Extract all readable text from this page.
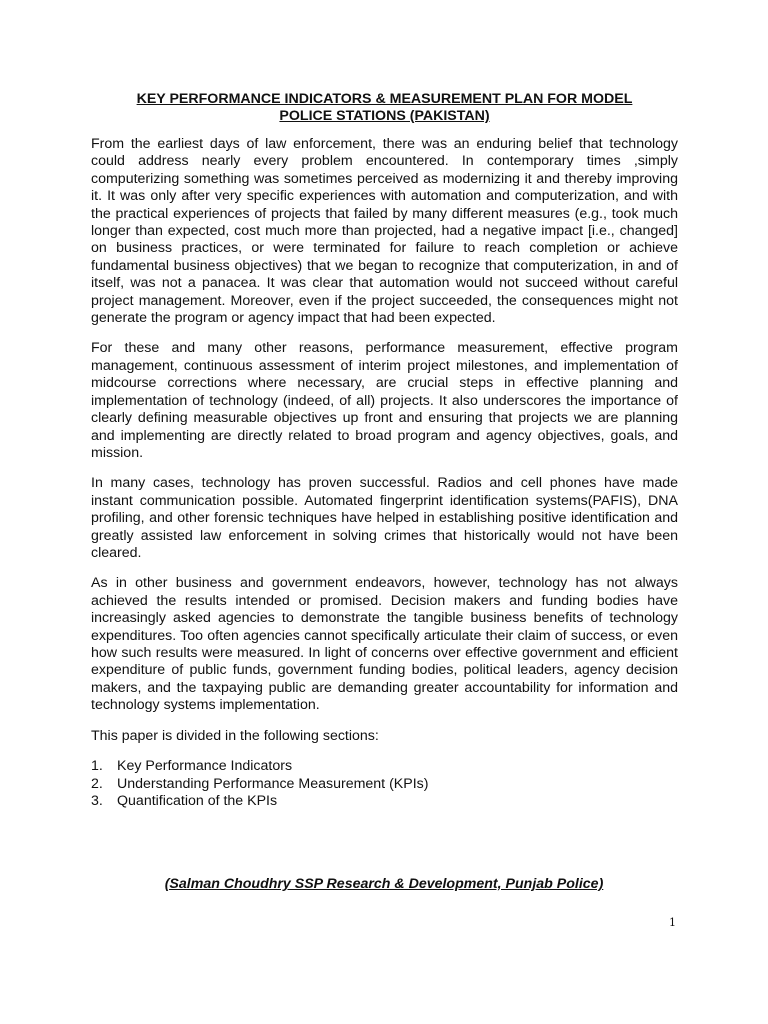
KEY PERFORMANCE INDICATORS & MEASUREMENT PLAN FOR MODEL
POLICE STATIONS (PAKISTAN)

From the earliest days of law enforcement, there was an enduring belief that technology could address nearly every problem encountered. In contemporary times ,simply computerizing something was sometimes perceived as modernizing it and thereby improving it. It was only after very specific experiences with automation and computerization, and with the practical experiences of projects that failed by many different measures (e.g., took much longer than expected, cost much more than projected, had a negative impact [i.e., changed] on business practices, or were terminated for failure to reach completion or achieve fundamental business objectives) that we began to recognize that computerization, in and of itself, was not a panacea. It was clear that automation would not succeed without careful project management. Moreover, even if the project succeeded, the consequences might not generate the program or agency impact that had been expected.

For these and many other reasons, performance measurement, effective program management, continuous assessment of interim project milestones, and implementation of midcourse corrections where necessary, are crucial steps in effective planning and implementation of technology (indeed, of all) projects. It also underscores the importance of clearly defining measurable objectives up front and ensuring that projects we are planning and implementing are directly related to broad program and agency objectives, goals, and mission.

In many cases, technology has proven successful. Radios and cell phones have made instant communication possible. Automated fingerprint identification systems(PAFIS), DNA profiling, and other forensic techniques have helped in establishing positive identification and greatly assisted law enforcement in solving crimes that historically would not have been cleared.

As in other business and government endeavors, however, technology has not always achieved the results intended or promised. Decision makers and funding bodies have increasingly asked agencies to demonstrate the tangible business benefits of technology expenditures. Too often agencies cannot specifically articulate their claim of success, or even how such results were measured. In light of concerns over effective government and efficient expenditure of public funds, government funding bodies, political leaders, agency decision makers, and the taxpaying public are demanding greater accountability for information and technology systems implementation.

This paper is divided in the following sections:

1. Key Performance Indicators
2. Understanding Performance Measurement (KPIs)
3. Quantification of the KPIs
(Salman Choudhry SSP Research & Development, Punjab Police)
1
